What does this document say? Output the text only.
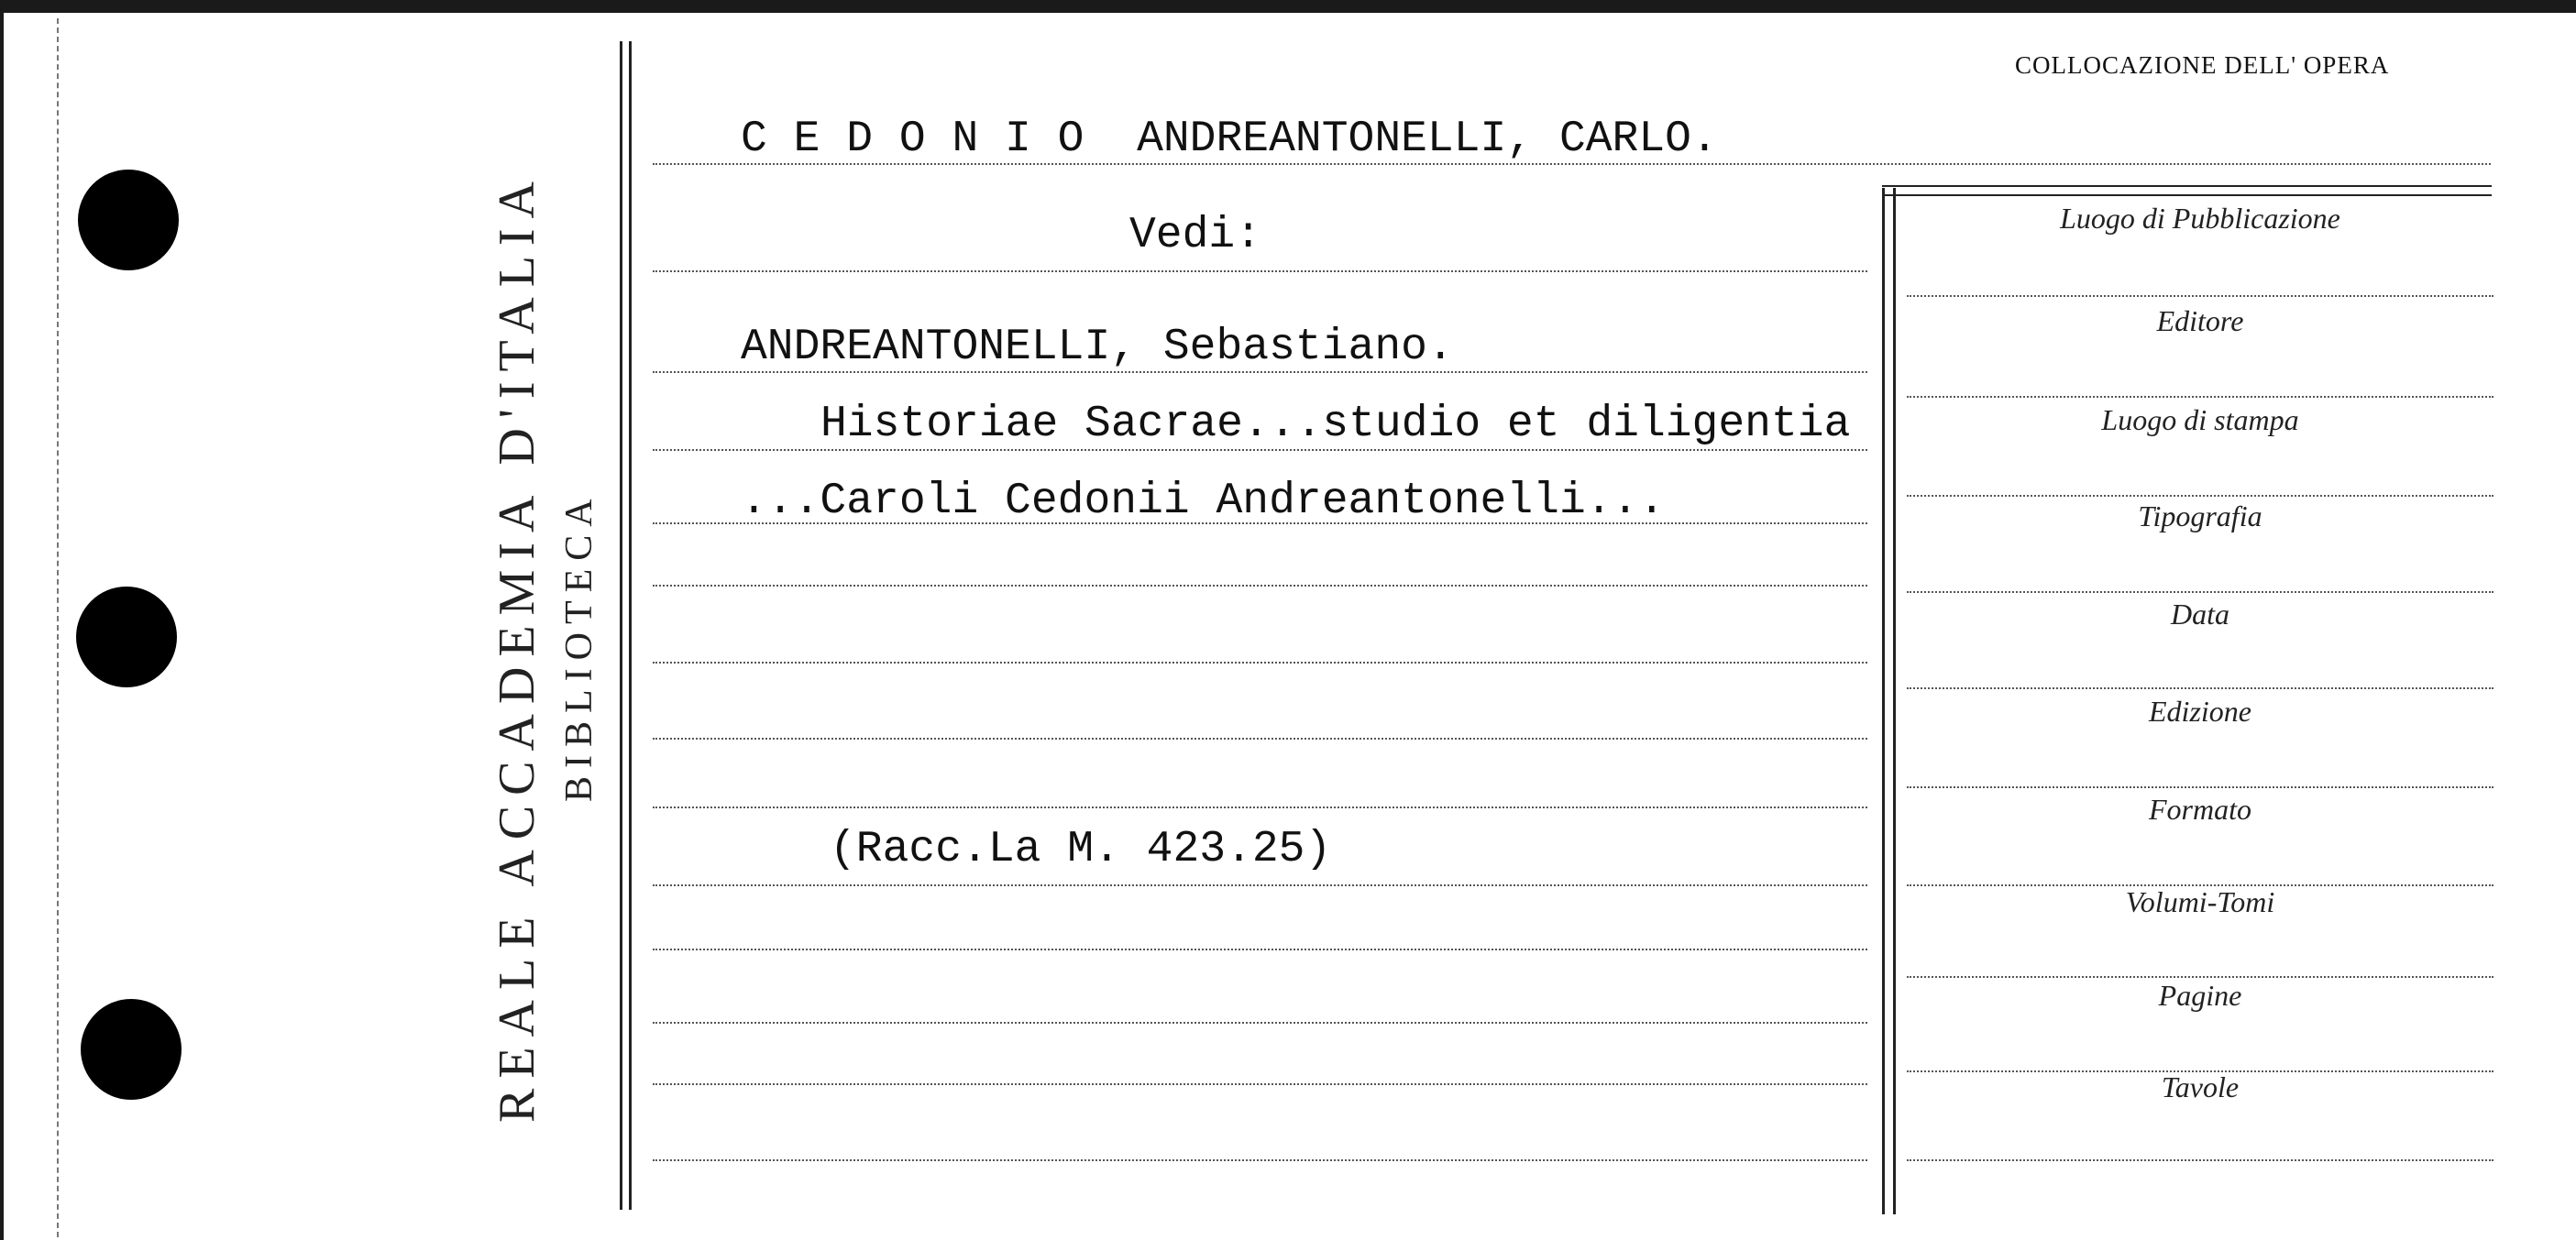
REALE ACCADEMIA D'ITALIA BIBLIOTECA
COLLOCAZIONE DELL' OPERA
C E D O N I O  ANDREANTONELLI, CARLO.
Vedi:
ANDREANTONELLI, Sebastiano.
Historiae Sacrae...studio et diligentia
...Caroli Cedonii Andreantonelli...
(Racc.La M. 423.25)
Luogo di Pubblicazione
Editore
Luogo di stampa
Tipografia
Data
Edizione
Formato
Volumi-Tomi
Pagine
Tavole
